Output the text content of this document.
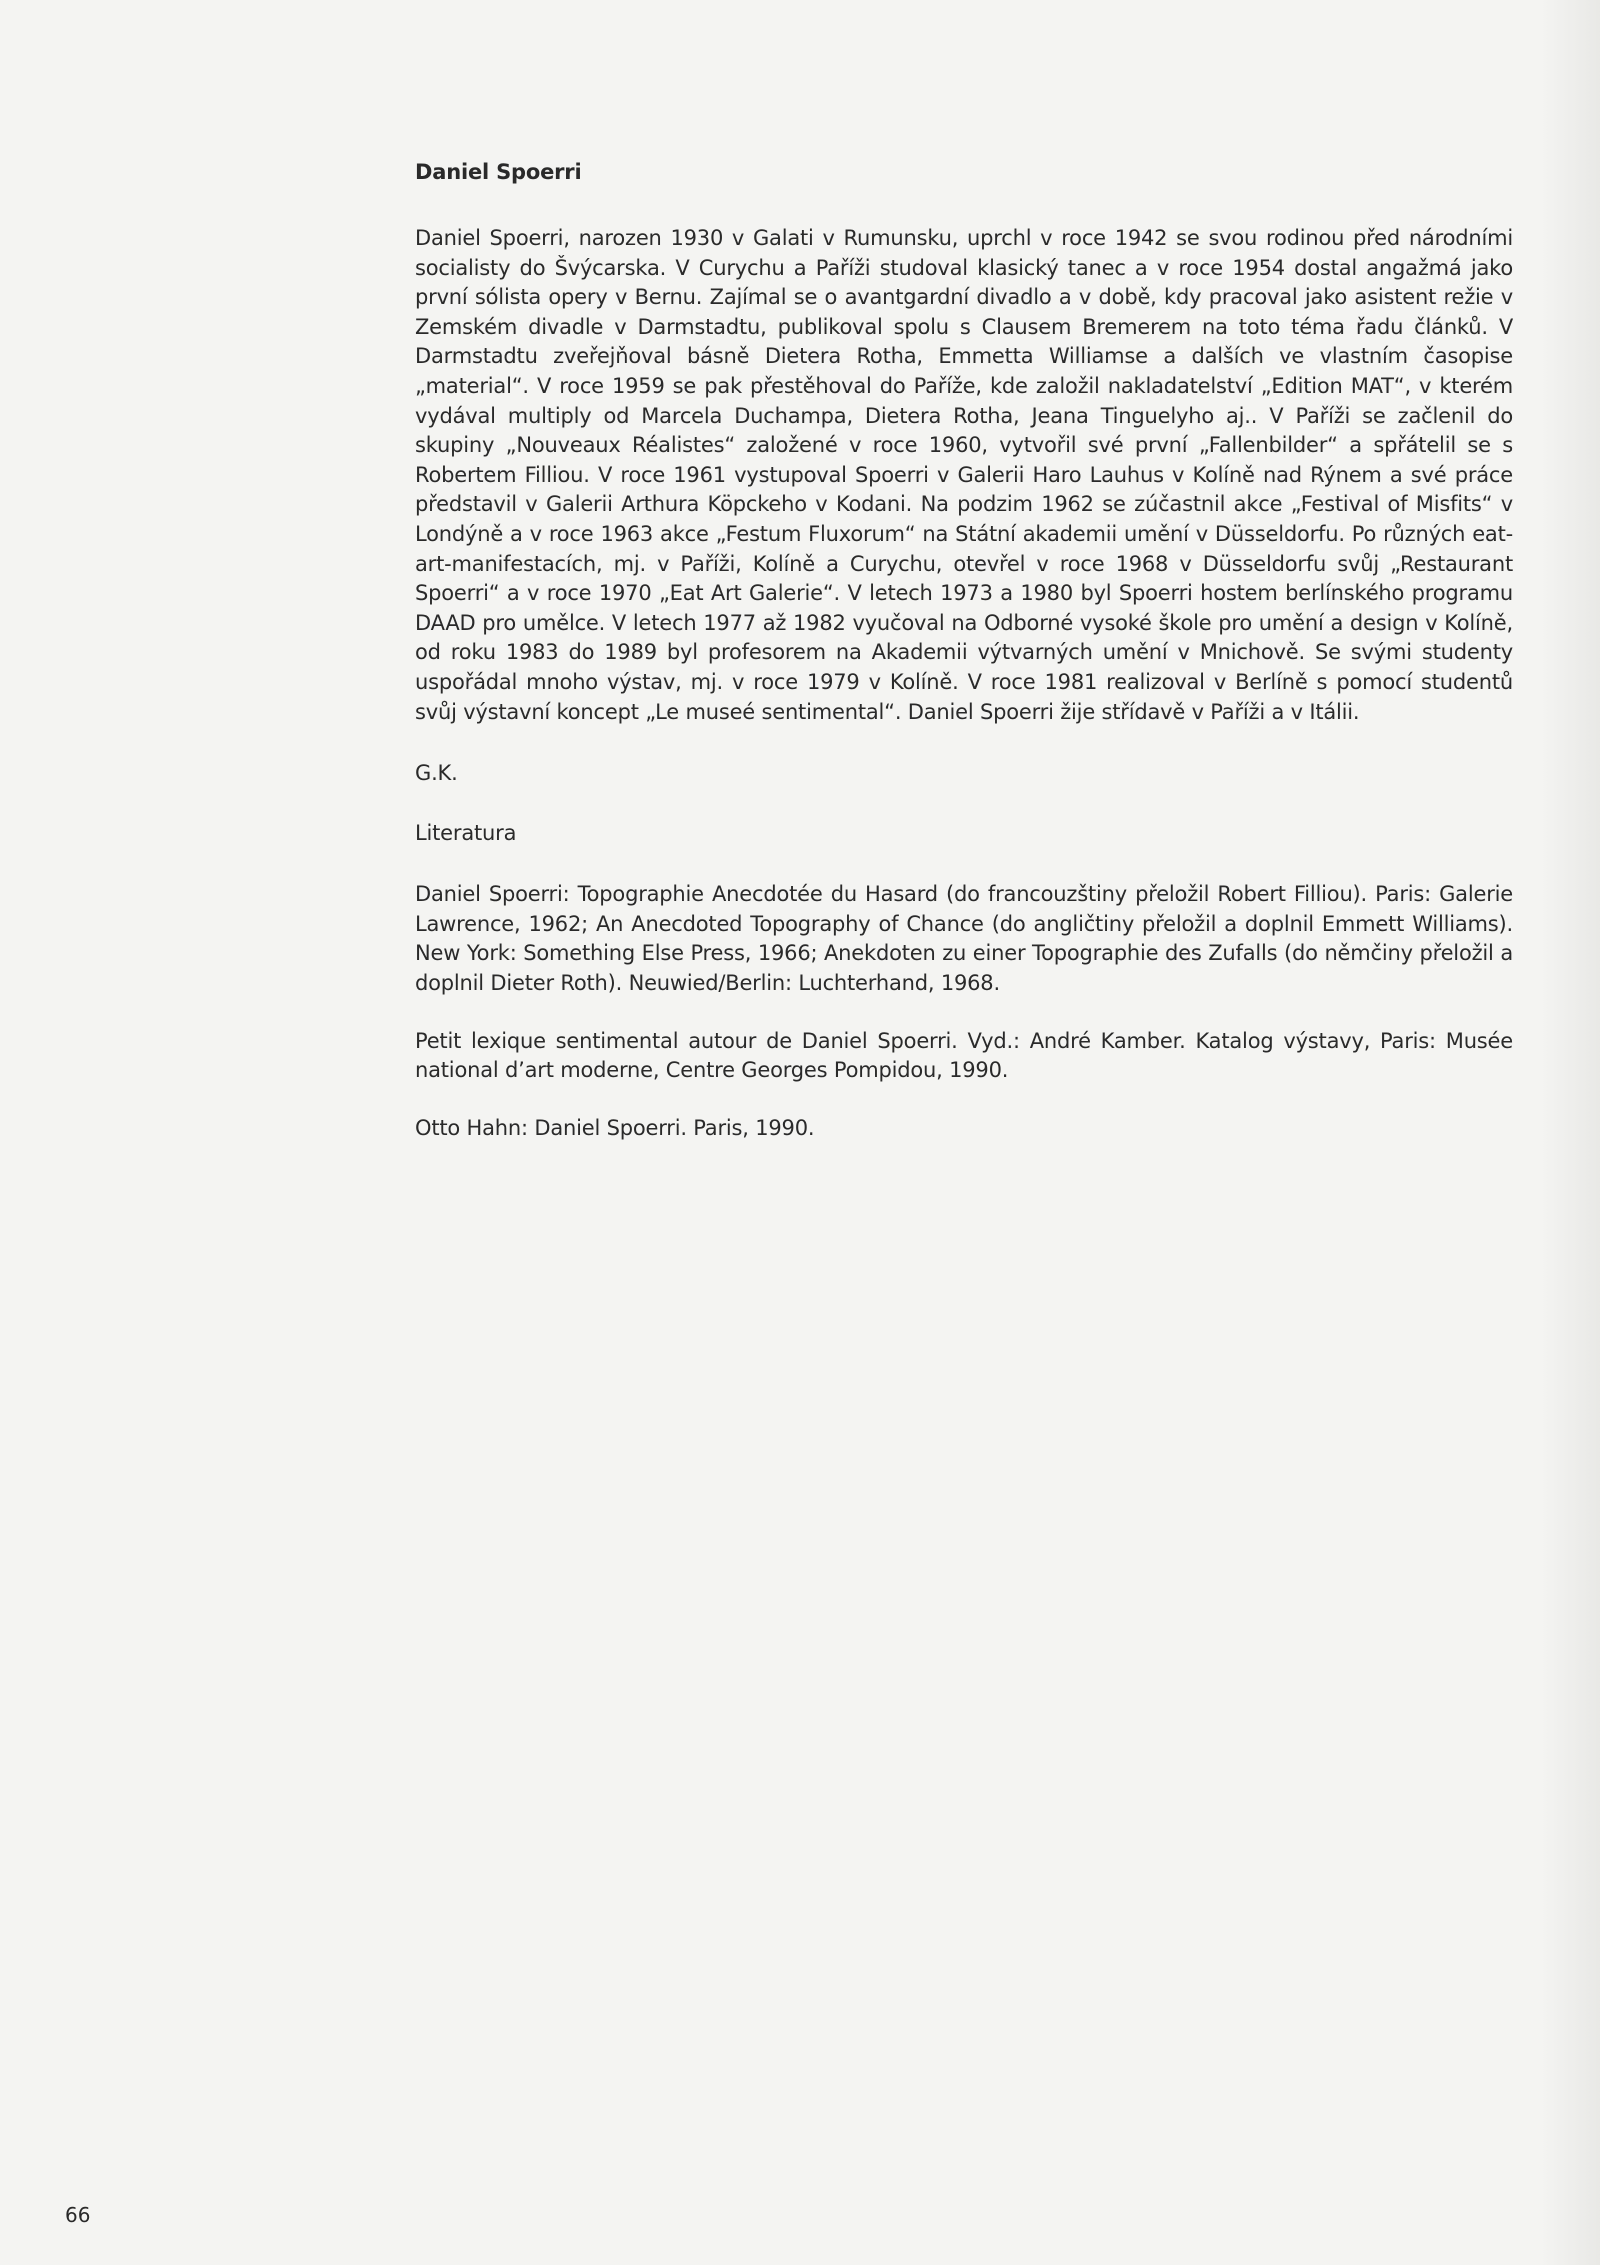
Daniel Spoerri

Daniel Spoerri, narozen 1930 v Galati v Rumunsku, uprchl v roce 1942 se svou rodinou před národními socialisty do Švýcarska. V Curychu a Paříži studoval klasický tanec a v roce 1954 dostal angažmá jako první sólista opery v Bernu. Zajímal se o avantgardní divadlo a v době, kdy pracoval jako asistent režie v Zemském divadle v Darmstadtu, publikoval spolu s Clausem Bremerem na toto téma řadu článků. V Darmstadtu zveřejňoval básně Dietera Rotha, Emmetta Williamse a dalších ve vlastním časopise „material“. V roce 1959 se pak přestěhoval do Paříže, kde založil nakladatelství „Edition MAT“, v kterém vydával multiply od Marcela Duchampa, Dietera Rotha, Jeana Tinguelyho aj.. V Paříži se začlenil do skupiny „Nouveaux Réalistes“ založené v roce 1960, vytvořil své první „Fallenbilder“ a spřátelil se s Robertem Filliou. V roce 1961 vystupoval Spoerri v Galerii Haro Lauhus v Kolíně nad Rýnem a své práce představil v Galerii Arthura Köpckeho v Kodani. Na podzim 1962 se zúčastnil akce „Festival of Misfits“ v Londýně a v roce 1963 akce „Festum Fluxorum“ na Státní akademii umění v Düsseldorfu. Po různých eat-art-manifestacích, mj. v Paříži, Kolíně a Curychu, otevřel v roce 1968 v Düsseldorfu svůj „Restaurant Spoerri“ a v roce 1970 „Eat Art Galerie“. V letech 1973 a 1980 byl Spoerri hostem berlínského programu DAAD pro umělce. V letech 1977 až 1982 vyučoval na Odborné vysoké škole pro umění a design v Kolíně, od roku 1983 do 1989 byl profesorem na Akademii výtvarných umění v Mnichově. Se svými studenty uspořádal mnoho výstav, mj. v roce 1979 v Kolíně. V roce 1981 realizoval v Berlíně s pomocí studentů svůj výstavní koncept „Le museé sentimental“. Daniel Spoerri žije střídavě v Paříži a v Itálii.

G.K.

Literatura

Daniel Spoerri: Topographie Anecdotée du Hasard (do francouzštiny přeložil Robert Filliou). Paris: Galerie Lawrence, 1962; An Anecdoted Topography of Chance (do angličtiny přeložil a doplnil Emmett Williams). New York: Something Else Press, 1966; Anekdoten zu einer Topographie des Zufalls (do němčiny přeložil a doplnil Dieter Roth). Neuwied/Berlin: Luchterhand, 1968.

Petit lexique sentimental autour de Daniel Spoerri. Vyd.: André Kamber. Katalog výstavy, Paris: Musée national d’art moderne, Centre Georges Pompidou, 1990.

Otto Hahn: Daniel Spoerri. Paris, 1990.

66
